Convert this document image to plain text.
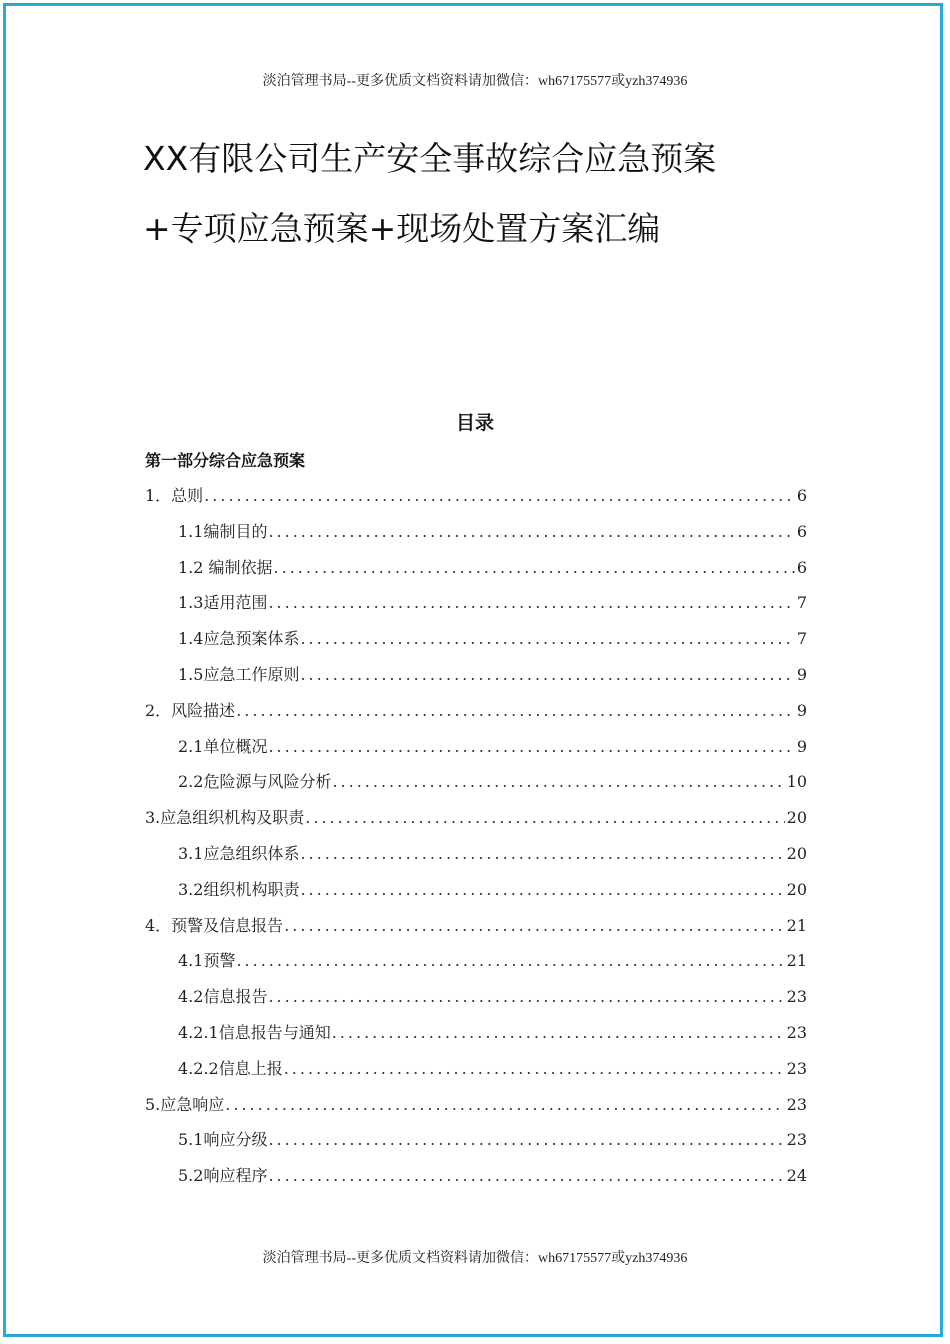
淡泊管理书局--更多优质文档资料请加微信：wh67175577或yzh374936
XX有限公司生产安全事故综合应急预案
+专项应急预案+现场处置方案汇编
目录
第一部分综合应急预案
1．总则 .....	6
1.1编制目的 .....	6
1.2 编制依据 .....	6
1.3适用范围 .....	7
1.4应急预案体系 .....	7
1.5应急工作原则 .....	9
2．风险描述 .....	9
2.1单位概况 .....	9
2.2危险源与风险分析 .....	10
3.应急组织机构及职责 .....	20
3.1应急组织体系 .....	20
3.2组织机构职责 .....	20
4．预警及信息报告 .....	21
4.1预警 .....	21
4.2信息报告 .....	23
4.2.1信息报告与通知 .....	23
4.2.2信息上报 .....	23
5.应急响应 .....	23
5.1响应分级 .....	23
5.2响应程序 .....	24
淡泊管理书局--更多优质文档资料请加微信：wh67175577或yzh374936
